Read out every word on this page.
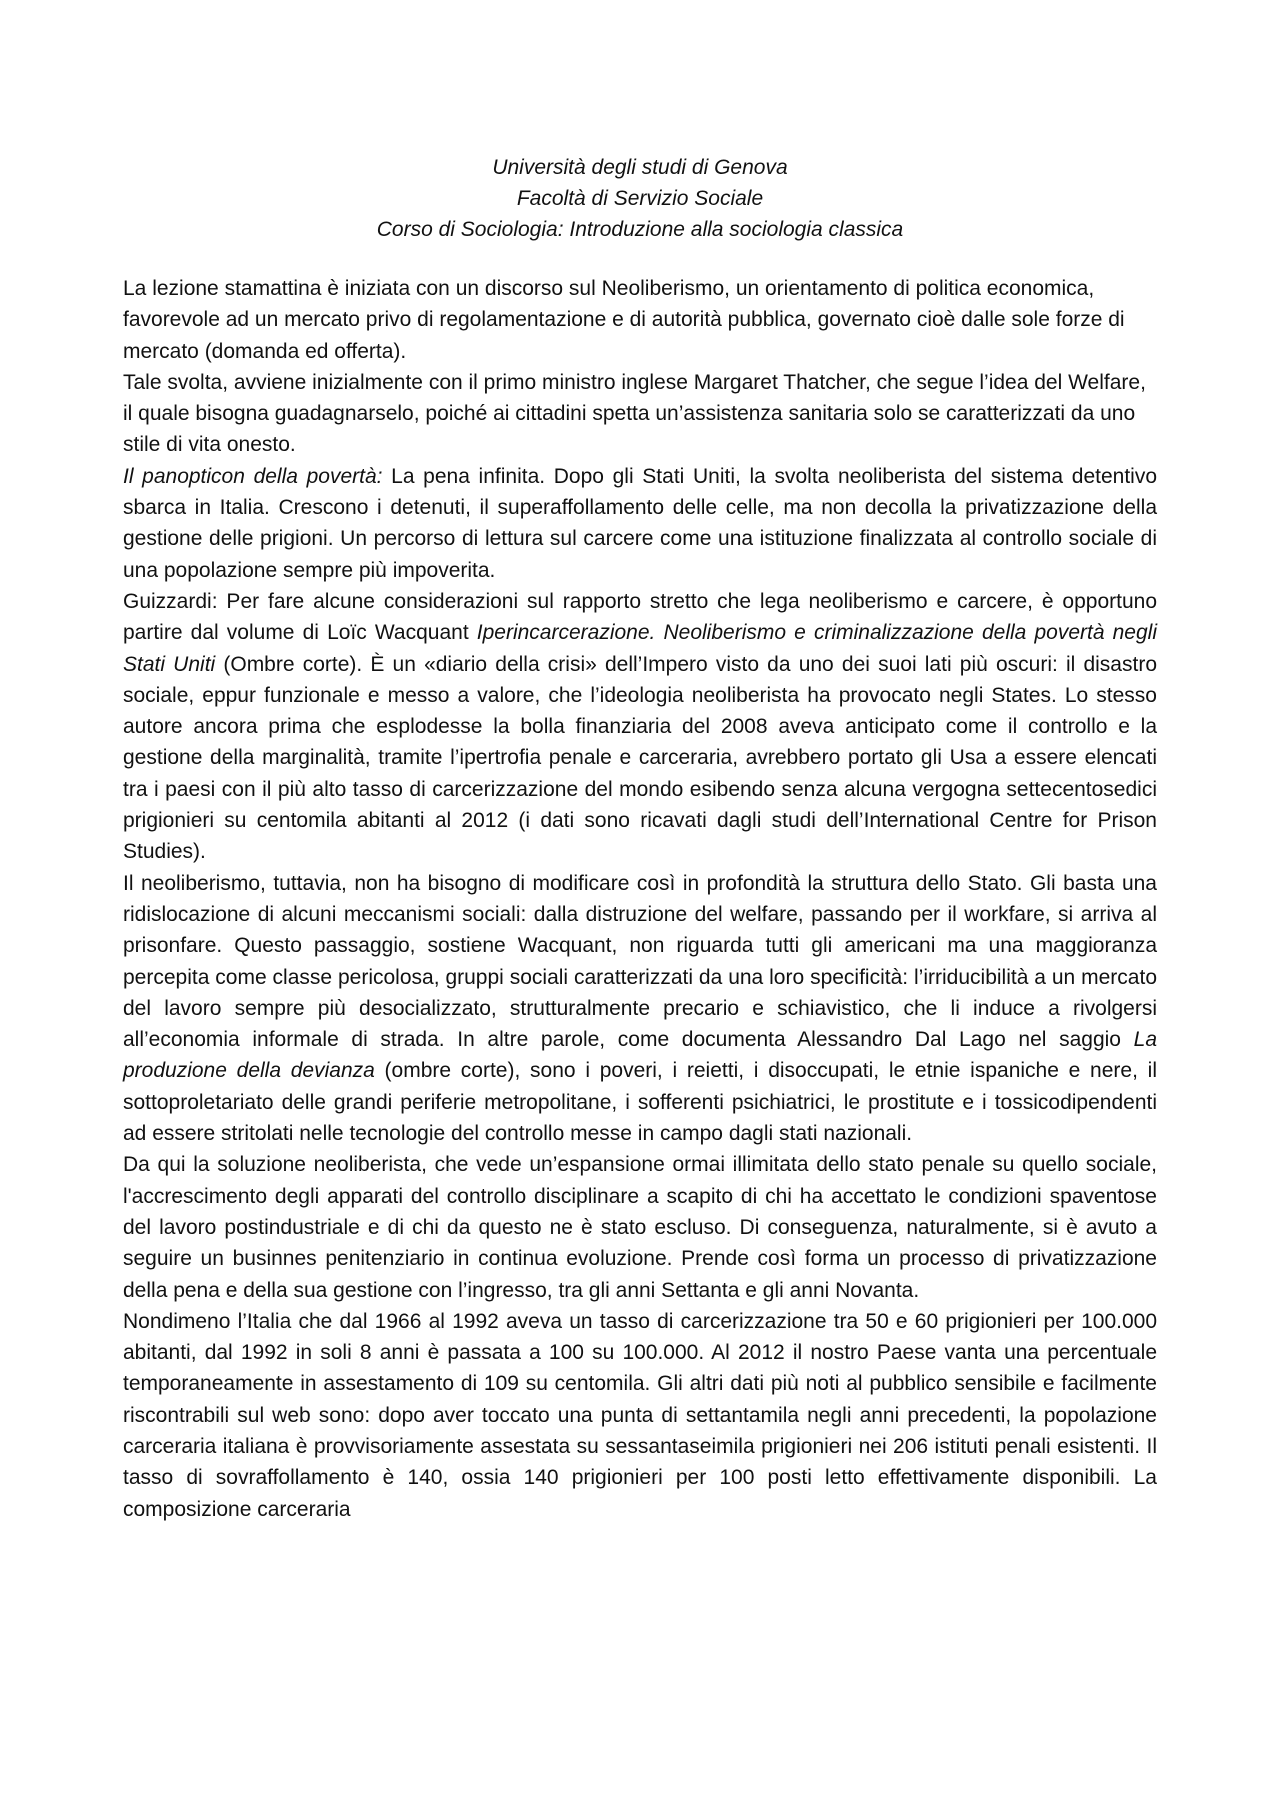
Università degli studi di Genova
Facoltà di Servizio Sociale
Corso di Sociologia: Introduzione alla sociologia classica

La lezione stamattina è iniziata con un discorso sul Neoliberismo, un orientamento di politica economica, favorevole ad un mercato privo di regolamentazione e di autorità pubblica, governato cioè dalle sole forze di mercato (domanda ed offerta).

Tale svolta, avviene inizialmente con il primo ministro inglese Margaret Thatcher, che segue l’idea del Welfare, il quale bisogna guadagnarselo, poiché ai cittadini spetta un’assistenza sanitaria solo se caratterizzati da uno stile di vita onesto.

Il panopticon della povertà: La pena infinita. Dopo gli Stati Uniti, la svolta neoliberista del sistema detentivo sbarca in Italia. Crescono i detenuti, il superaffollamento delle celle, ma non decolla la privatizzazione della gestione delle prigioni. Un percorso di lettura sul carcere come una istituzione finalizzata al controllo sociale di una popolazione sempre più impoverita.

Guizzardi: Per fare alcune considerazioni sul rapporto stretto che lega neoliberismo e carcere, è opportuno partire dal volume di Loïc Wacquant Iperincarcerazione. Neoliberismo e criminalizzazione della povertà negli Stati Uniti (Ombre corte). È un «diario della crisi» dell’Impero visto da uno dei suoi lati più oscuri: il disastro sociale, eppur funzionale e messo a valore, che l’ideologia neoliberista ha provocato negli States. Lo stesso autore ancora prima che esplodesse la bolla finanziaria del 2008 aveva anticipato come il controllo e la gestione della marginalità, tramite l’ipertrofia penale e carceraria, avrebbero portato gli Usa a essere elencati tra i paesi con il più alto tasso di carcerizzazione del mondo esibendo senza alcuna vergogna settecentosedici prigionieri su centomila abitanti al 2012 (i dati sono ricavati dagli studi dell’International Centre for Prison Studies).

Il neoliberismo, tuttavia, non ha bisogno di modificare così in profondità la struttura dello Stato. Gli basta una ridislocazione di alcuni meccanismi sociali: dalla distruzione del welfare, passando per il workfare, si arriva al prisonfare. Questo passaggio, sostiene Wacquant, non riguarda tutti gli americani ma una maggioranza percepita come classe pericolosa, gruppi sociali caratterizzati da una loro specificità: l’irriducibilità a un mercato del lavoro sempre più desocializzato, strutturalmente precario e schiavistico, che li induce a rivolgersi all’economia informale di strada. In altre parole, come documenta Alessandro Dal Lago nel saggio La produzione della devianza (ombre corte), sono i poveri, i reietti, i disoccupati, le etnie ispaniche e nere, il sottoproletariato delle grandi periferie metropolitane, i sofferenti psichiatrici, le prostitute e i tossicodipendenti ad essere stritolati nelle tecnologie del controllo messe in campo dagli stati nazionali.

Da qui la soluzione neoliberista, che vede un’espansione ormai illimitata dello stato penale su quello sociale, l'accrescimento degli apparati del controllo disciplinare a scapito di chi ha accettato le condizioni spaventose del lavoro postindustriale e di chi da questo ne è stato escluso. Di conseguenza, naturalmente, si è avuto a seguire un businnes penitenziario in continua evoluzione. Prende così forma un processo di privatizzazione della pena e della sua gestione con l’ingresso, tra gli anni Settanta e gli anni Novanta.

Nondimeno l’Italia che dal 1966 al 1992 aveva un tasso di carcerizzazione tra 50 e 60 prigionieri per 100.000 abitanti, dal 1992 in soli 8 anni è passata a 100 su 100.000. Al 2012 il nostro Paese vanta una percentuale temporaneamente in assestamento di 109 su centomila. Gli altri dati più noti al pubblico sensibile e facilmente riscontrabili sul web sono: dopo aver toccato una punta di settantamila negli anni precedenti, la popolazione carceraria italiana è provvisoriamente assestata su sessantaseimila prigionieri nei 206 istituti penali esistenti. Il tasso di sovraffollamento è 140, ossia 140 prigionieri per 100 posti letto effettivamente disponibili. La composizione carceraria
